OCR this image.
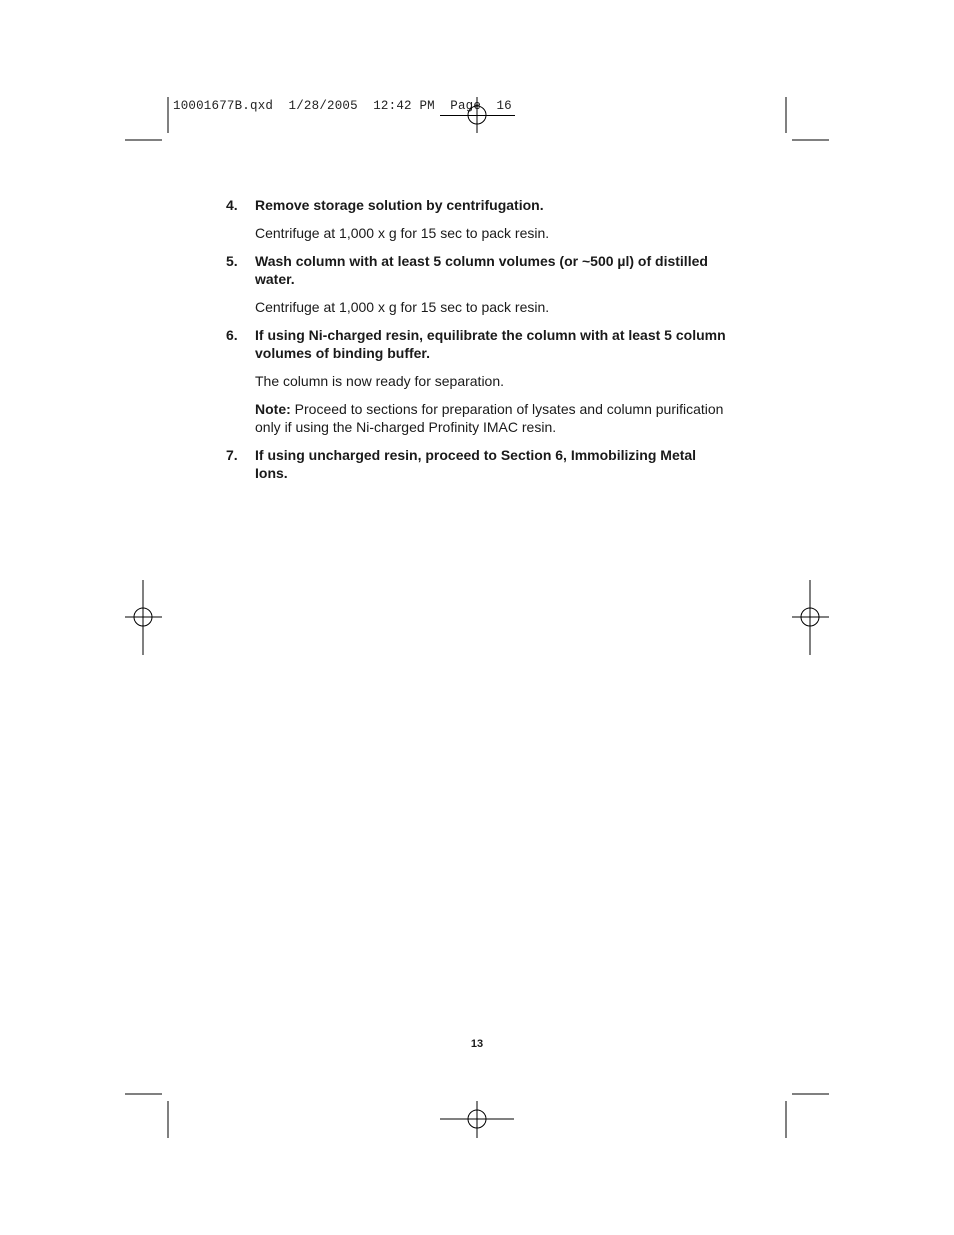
10001677B.qxd  1/28/2005  12:42 PM  Page  16
4. Remove storage solution by centrifugation.
Centrifuge at 1,000 x g for 15 sec to pack resin.
5. Wash column with at least 5 column volumes (or ~500 µl) of distilled water.
Centrifuge at 1,000 x g for 15 sec to pack resin.
6. If using Ni-charged resin, equilibrate the column with at least 5 column volumes of binding buffer.
The column is now ready for separation.
Note: Proceed to sections for preparation of lysates and column purification only if using the Ni-charged Profinity IMAC resin.
7. If using uncharged resin, proceed to Section 6, Immobilizing Metal Ions.
13
